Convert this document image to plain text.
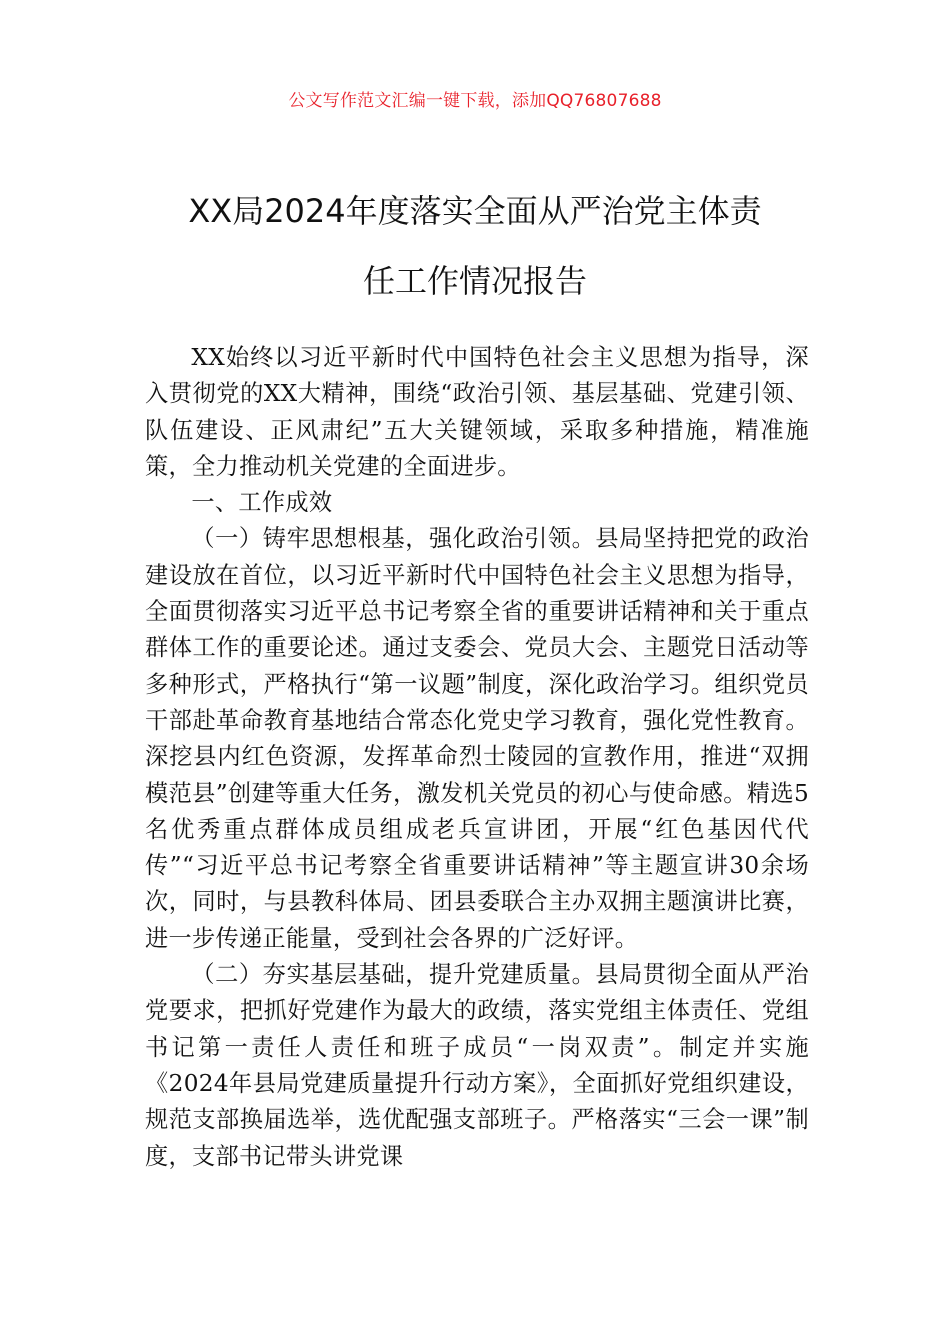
公文写作范文汇编一键下载，添加QQ76807688
XX局2024年度落实全面从严治党主体责
任工作情况报告

XX始终以习近平新时代中国特色社会主义思想为指导，深入贯彻党的XX大精神，围绕“政治引领、基层基础、党建引领、队伍建设、正风肃纪”五大关键领域，采取多种措施，精准施策，全力推动机关党建的全面进步。

一、工作成效

（一）铸牢思想根基，强化政治引领。县局坚持把党的政治建设放在首位，以习近平新时代中国特色社会主义思想为指导，全面贯彻落实习近平总书记考察全省的重要讲话精神和关于重点群体工作的重要论述。通过支委会、党员大会、主题党日活动等多种形式，严格执行“第一议题”制度，深化政治学习。组织党员干部赴革命教育基地结合常态化党史学习教育，强化党性教育。深挖县内红色资源，发挥革命烈士陵园的宣教作用，推进“双拥模范县”创建等重大任务，激发机关党员的初心与使命感。精选5名优秀重点群体成员组成老兵宣讲团，开展“红色基因代代传”“习近平总书记考察全省重要讲话精神”等主题宣讲30余场次，同时，与县教科体局、团县委联合主办双拥主题演讲比赛，进一步传递正能量，受到社会各界的广泛好评。

（二）夯实基层基础，提升党建质量。县局贯彻全面从严治党要求，把抓好党建作为最大的政绩，落实党组主体责任、党组书记第一责任人责任和班子成员“一岗双责”。制定并实施《2024年县局党建质量提升行动方案》，全面抓好党组织建设，规范支部换届选举，选优配强支部班子。严格落实“三会一课”制度，支部书记带头讲党课
